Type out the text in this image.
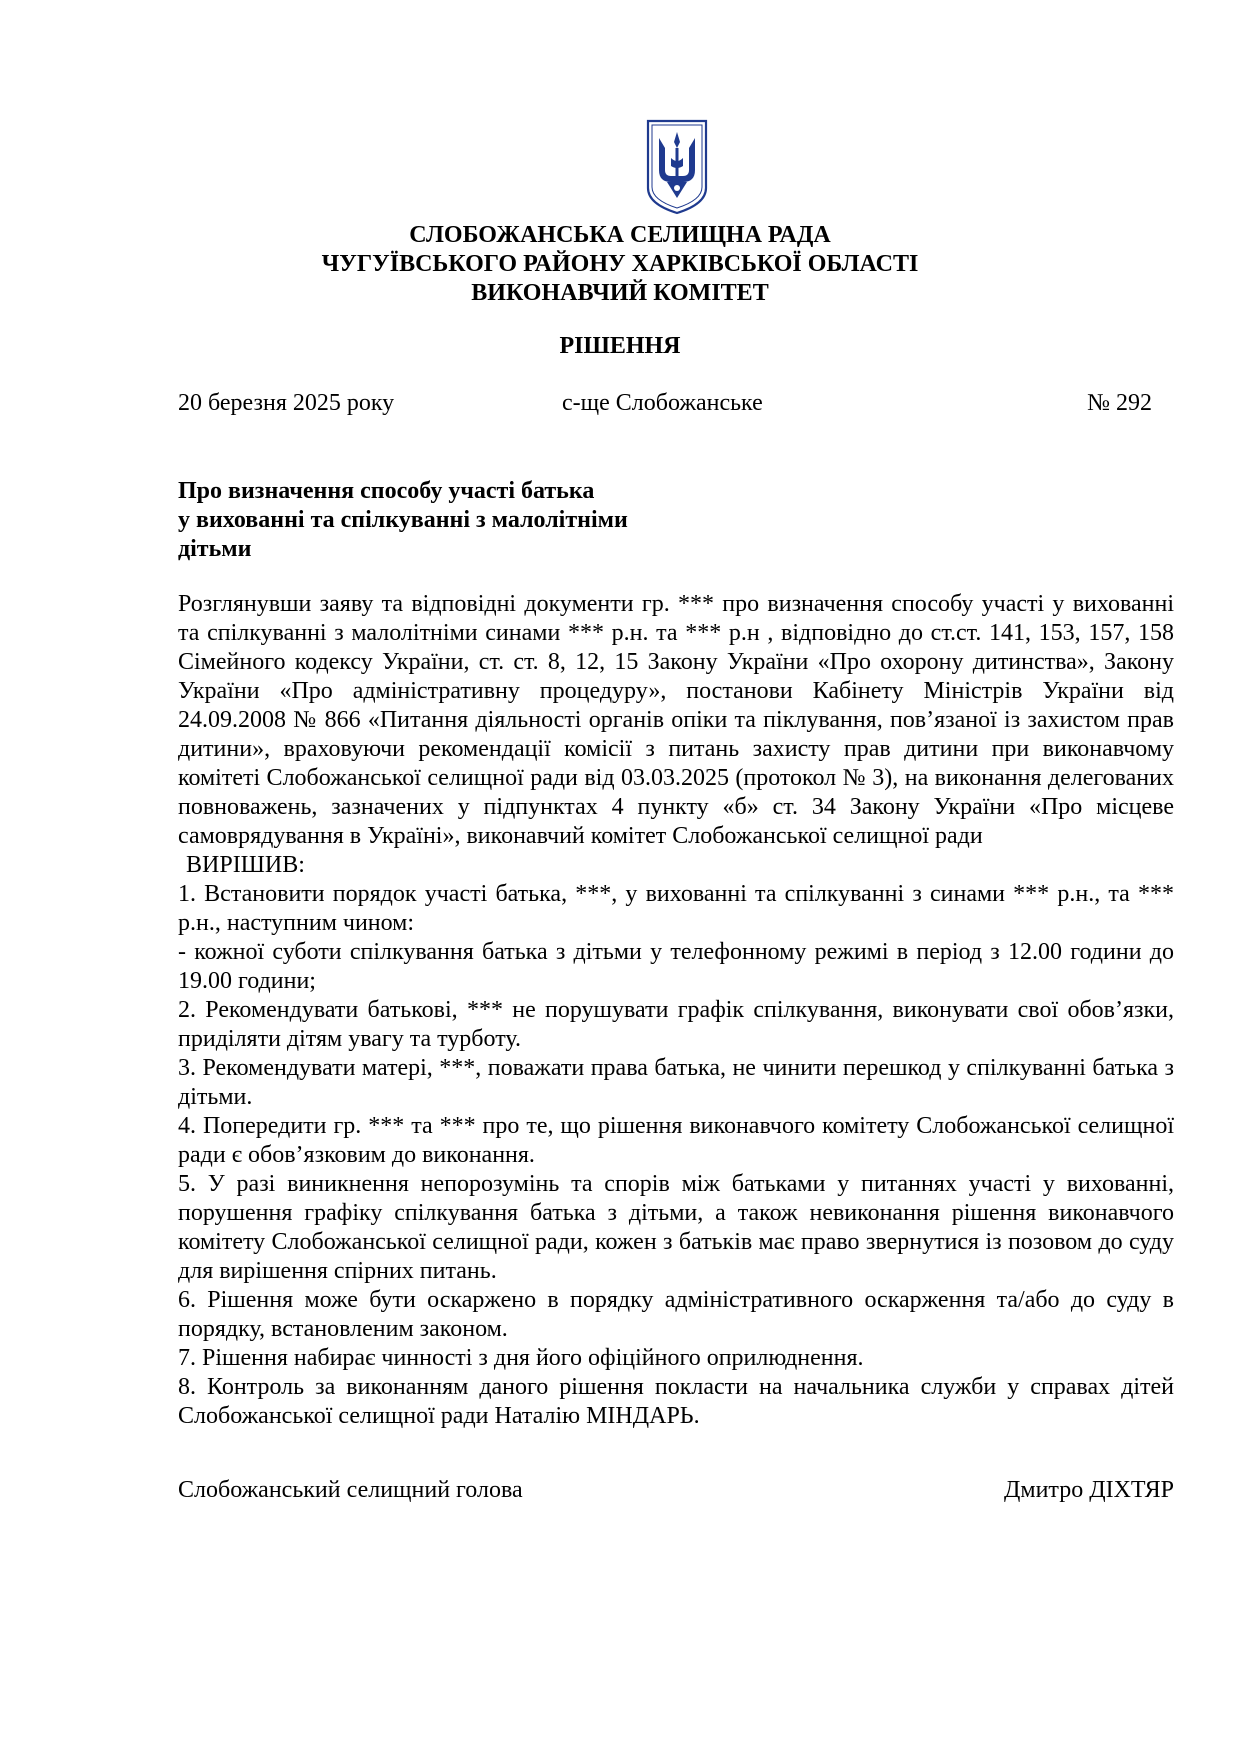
СЛОБОЖАНСЬКА СЕЛИЩНА РАДА
ЧУГУЇВСЬКОГО РАЙОНУ ХАРКІВСЬКОЇ ОБЛАСТІ
ВИКОНАВЧИЙ КОМІТЕТ
РІШЕННЯ
20 березня 2025 року	с-ще Слобожанське	№ 292
Про визначення способу участі батька
у вихованні та спілкуванні з малолітніми
дітьми

Розглянувши заяву та відповідні документи гр. *** про визначення способу участі у вихованні та спілкуванні з малолітніми синами *** р.н. та *** р.н , відповідно до ст.ст. 141, 153, 157, 158 Сімейного кодексу України, ст. ст. 8, 12, 15 Закону України «Про охорону дитинства», Закону України «Про адміністративну процедуру», постанови Кабінету Міністрів України від 24.09.2008 № 866 «Питання діяльності органів опіки та піклування, пов’язаної із захистом прав дитини», враховуючи рекомендації комісії з питань захисту прав дитини при виконавчому комітеті Слобожанської селищної ради від 03.03.2025 (протокол № 3), на виконання делегованих повноважень, зазначених у підпунктах 4 пункту «б» ст. 34 Закону України «Про місцеве самоврядування в Україні», виконавчий комітет Слобожанської селищної ради

ВИРІШИВ:

1. Встановити порядок участі батька, ***, у вихованні та спілкуванні з синами *** р.н., та *** р.н., наступним чином:

- кожної суботи спілкування батька з дітьми у телефонному режимі в період з 12.00 години до 19.00 години;

2. Рекомендувати батькові, *** не порушувати графік спілкування, виконувати свої обов’язки, приділяти дітям увагу та турботу.

3. Рекомендувати матері, ***, поважати права батька, не чинити перешкод у спілкуванні батька з дітьми.

4. Попередити гр. *** та *** про те, що рішення виконавчого комітету Слобожанської селищної ради є обов’язковим до виконання.

5. У разі виникнення непорозумінь та спорів між батьками у питаннях участі у вихованні, порушення графіку спілкування батька з дітьми, а також невиконання рішення виконавчого комітету Слобожанської селищної ради, кожен з батьків має право звернутися із позовом до суду для вирішення спірних питань.

6. Рішення може бути оскаржено в порядку адміністративного оскарження та/або до суду в порядку, встановленим законом.

7. Рішення набирає чинності з дня його офіційного оприлюднення.

8. Контроль за виконанням даного рішення покласти на начальника служби у справах дітей Слобожанської селищної ради Наталію МІНДАРЬ.

Слобожанський селищний голова	Дмитро ДІХТЯР
